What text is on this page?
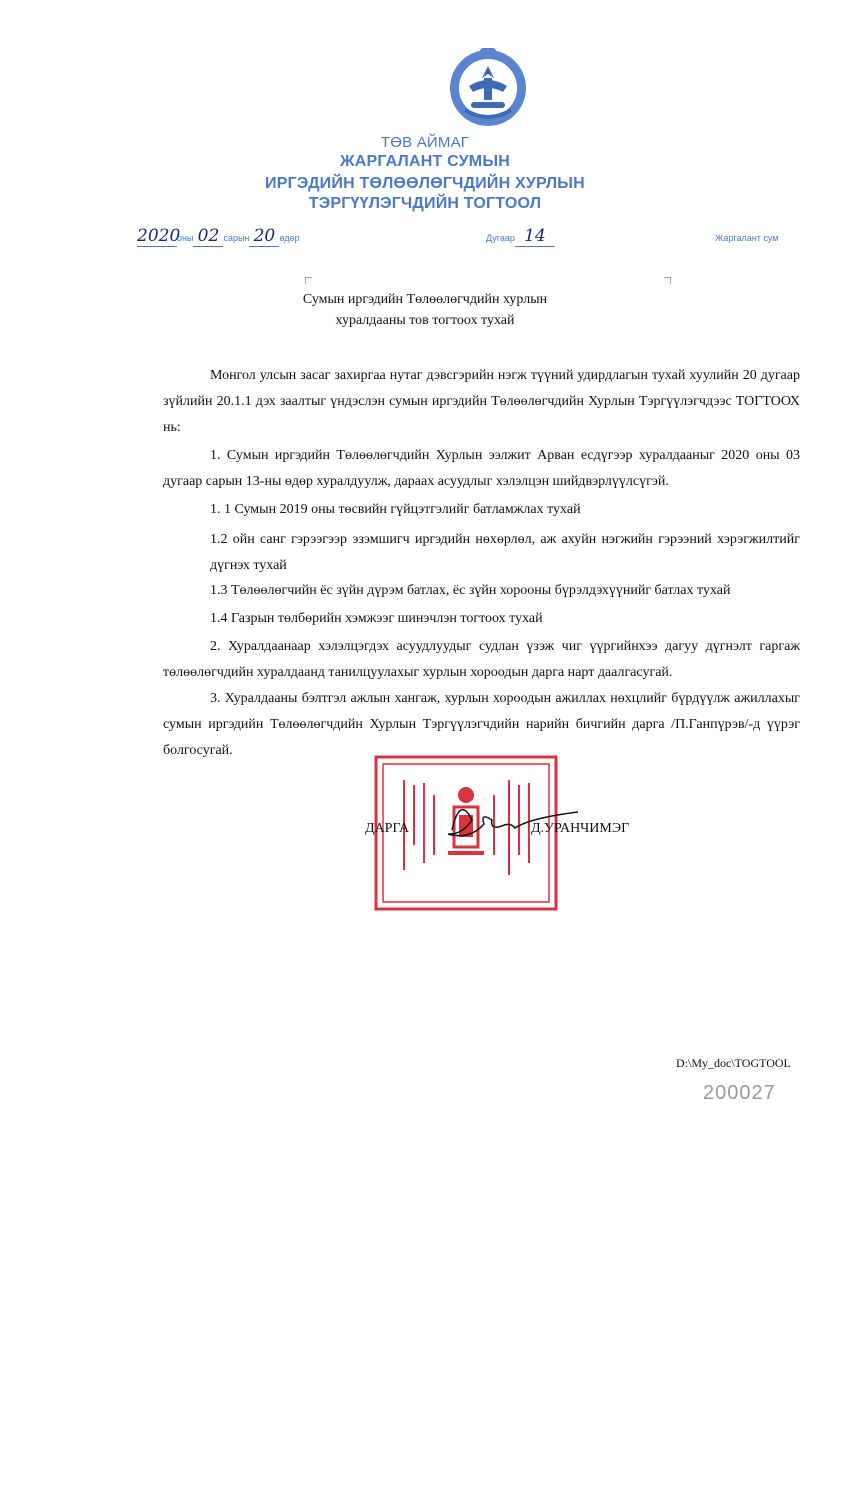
ТӨВ АЙМАГ
ЖАРГАЛАНТ СУМЫН
ИРГЭДИЙН ТӨЛӨӨЛӨГЧДИЙН ХУРЛЫН
ТЭРГҮҮЛЭГЧДИЙН ТОГТООЛ
2020оны 02 сарын 20 өдөр	Дугаар 14	Жаргалант сум
Сумын иргэдийн Төлөөлөгчдийн хурлын
хуралдааны тов тогтоох тухай
Монгол улсын засаг захиргаа нутаг дэвсгэрийн нэгж түүний удирдлагын тухай хуулийн 20 дугаар зүйлийн 20.1.1 дэх заалтыг үндэслэн сумын иргэдийн Төлөөлөгчдийн Хурлын Тэргүүлэгчдээс ТОГТООХ нь:
1. Сумын иргэдийн Төлөөлөгчдийн Хурлын ээлжит Арван есдүгээр хуралдааныг 2020 оны 03 дугаар сарын 13-ны өдөр хуралдуулж, дараах асуудлыг хэлэлцэн шийдвэрлүүлсүгэй.
1. 1 Сумын 2019 оны төсвийн гүйцэтгэлийг батламжлах тухай
1.2 ойн санг гэрээгээр эзэмшигч иргэдийн нөхөрлөл, аж ахуйн нэгжийн гэрээний хэрэгжилтийг дүгнэх тухай
1.3 Төлөөлөгчийн ёс зүйн дүрэм батлах, ёс зүйн хорооны бүрэлдэхүүнийг батлах тухай
1.4 Газрын төлбөрийн хэмжээг шинэчлэн тогтоох тухай
2. Хуралдаанаар хэлэлцэгдэх асуудлуудыг судлан үзэж чиг үүргийнхээ дагуу дүгнэлт гаргаж төлөөлөгчдийн хуралдаанд танилцуулахыг хурлын хороодын дарга нарт даалгасугай.
3. Хуралдааны бэлтгэл ажлын хангаж, хурлын хороодын ажиллах нөхцлийг бүрдүүлж ажиллахыг сумын иргэдийн Төлөөлөгчдийн Хурлын Тэргүүлэгчдийн нарийн бичгийн дарга /П.Ганпүрэв/-д үүрэг болгосугай.
ДАРГА	Д.УРАНЧИМЭГ
D:\My_doc\TOGTOOL
200027
